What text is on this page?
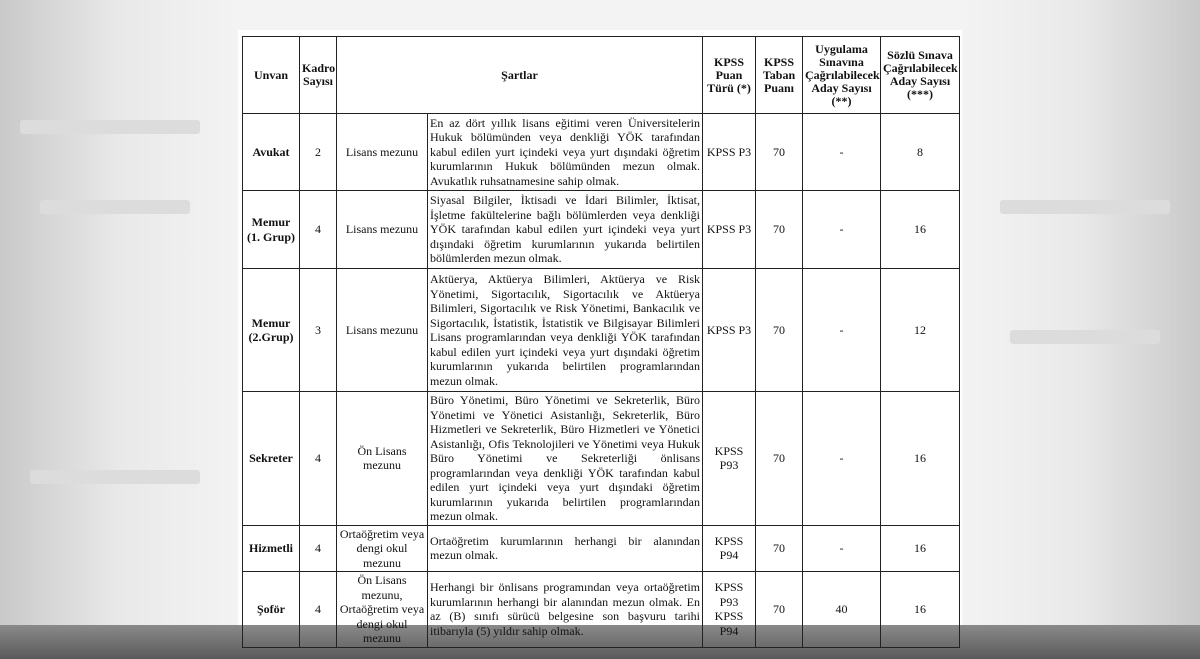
Unvan	Kadro Sayısı	Şartlar		KPSS Puan Türü (*)	KPSS Taban Puanı	Uygulama Sınavına Çağrılabilecek Aday Sayısı (**)	Sözlü Sınava Çağrılabilecek Aday Sayısı (***)
Avukat	2	Lisans mezunu	En az dört yıllık lisans eğitimi veren Üniversitelerin Hukuk bölümünden veya denkliği YÖK tarafından kabul edilen yurt içindeki veya yurt dışındaki öğretim kurumlarının Hukuk bölümünden mezun olmak. Avukatlık ruhsatnamesine sahip olmak.	KPSS P3	70	-	8
Memur (1. Grup)	4	Lisans mezunu	Siyasal Bilgiler, İktisadi ve İdari Bilimler, İktisat, İşletme fakültelerine bağlı bölümlerden veya denkliği YÖK tarafından kabul edilen yurt içindeki veya yurt dışındaki öğretim kurumlarının yukarıda belirtilen bölümlerden mezun olmak.	KPSS P3	70	-	16
Memur (2.Grup)	3	Lisans mezunu	Aktüerya, Aktüerya Bilimleri, Aktüerya ve Risk Yönetimi, Sigortacılık, Sigortacılık ve Aktüerya Bilimleri, Sigortacılık ve Risk Yönetimi, Bankacılık ve Sigortacılık, İstatistik, İstatistik ve Bilgisayar Bilimleri Lisans programlarından veya denkliği YÖK tarafından kabul edilen yurt içindeki veya yurt dışındaki öğretim kurumlarının yukarıda belirtilen programlarından mezun olmak.	KPSS P3	70	-	12
Sekreter	4	Ön Lisans mezunu	Büro Yönetimi, Büro Yönetimi ve Sekreterlik, Büro Yönetimi ve Yönetici Asistanlığı, Sekreterlik, Büro Hizmetleri ve Sekreterlik, Büro Hizmetleri ve Yönetici Asistanlığı, Ofis Teknolojileri ve Yönetimi veya Hukuk Büro Yönetimi ve Sekreterliği önlisans programlarından veya denkliği YÖK tarafından kabul edilen yurt içindeki veya yurt dışındaki öğretim kurumlarının yukarıda belirtilen programlarından mezun olmak.	KPSS P93	70	-	16
Hizmetli	4	Ortaöğretim veya dengi okul mezunu	Ortaöğretim kurumlarının herhangi bir alanından mezun olmak.	KPSS P94	70	-	16
Şoför	4	Ön Lisans mezunu, Ortaöğretim veya dengi okul mezunu	Herhangi bir önlisans programından veya ortaöğretim kurumlarının herhangi bir alanından mezun olmak. En az (B) sınıfı sürücü belgesine son başvuru tarihi itibarıyla (5) yıldır sahip olmak.	KPSS P93 KPSS P94	70	40	16
